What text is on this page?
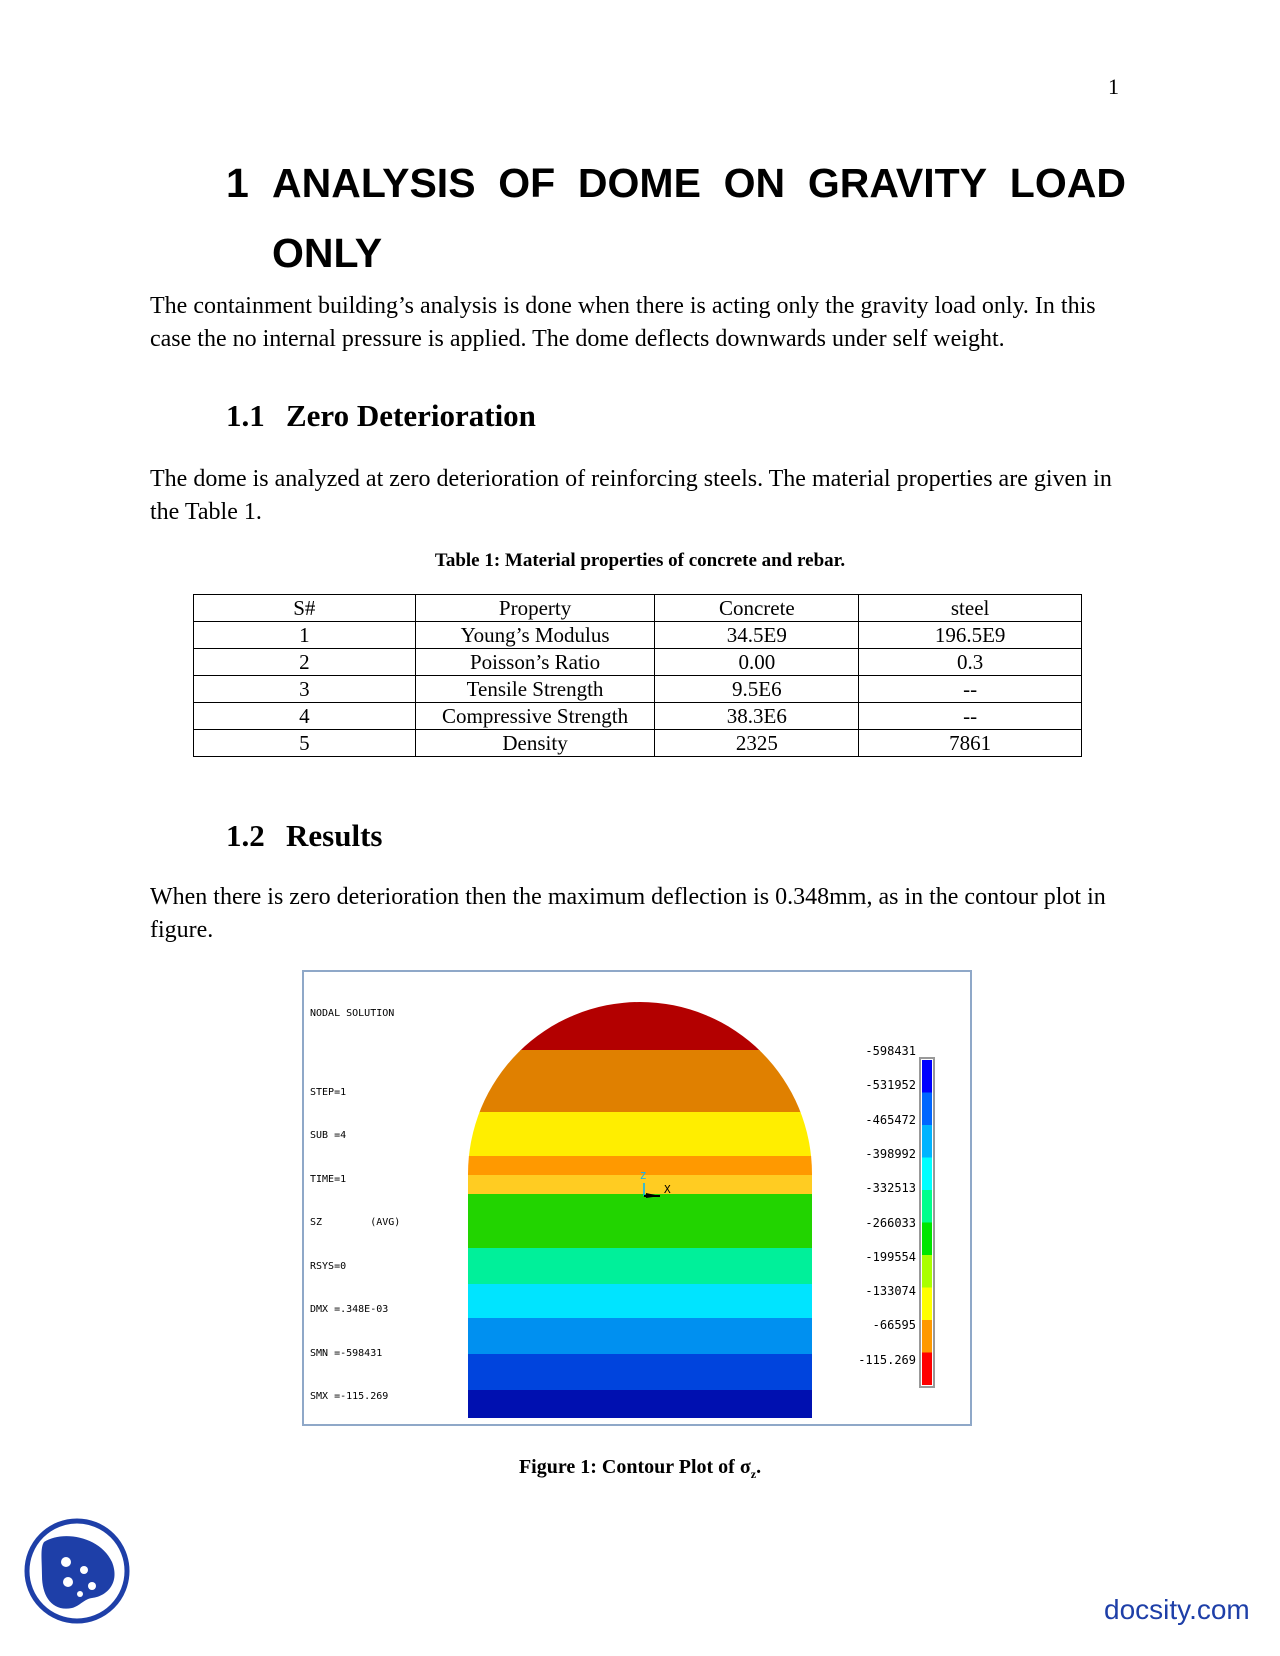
1
1 ANALYSIS OF DOME ON GRAVITY LOAD
ONLY

The containment building’s analysis is done when there is acting only the gravity load only. In this case the no internal pressure is applied. The dome deflects downwards under self weight.

1.1 Zero Deterioration

The dome is analyzed at zero deterioration of reinforcing steels. The material properties are given in the Table 1.

Table 1: Material properties of concrete and rebar.
S#	Property	Concrete	steel
1	Young’s Modulus	34.5E9	196.5E9
2	Poisson’s Ratio	0.00	0.3
3	Tensile Strength	9.5E6	--
4	Compressive Strength	38.3E6	--
5	Density	2325	7861
1.2 Results

When there is zero deterioration then the maximum deflection is 0.348mm, as in the contour plot in figure.

NODAL SOLUTION

STEP=1

SUB =4

TIME=1

SZ        (AVG)

RSYS=0

DMX =.348E-03

SMN =-598431

SMX =-115.269

Z
X
-598431
-531952
-465472
-398992
-332513
-266033
-199554
-133074
-66595
-115.269
Figure 1: Contour Plot of $\sigma_z$.
docsity.com
